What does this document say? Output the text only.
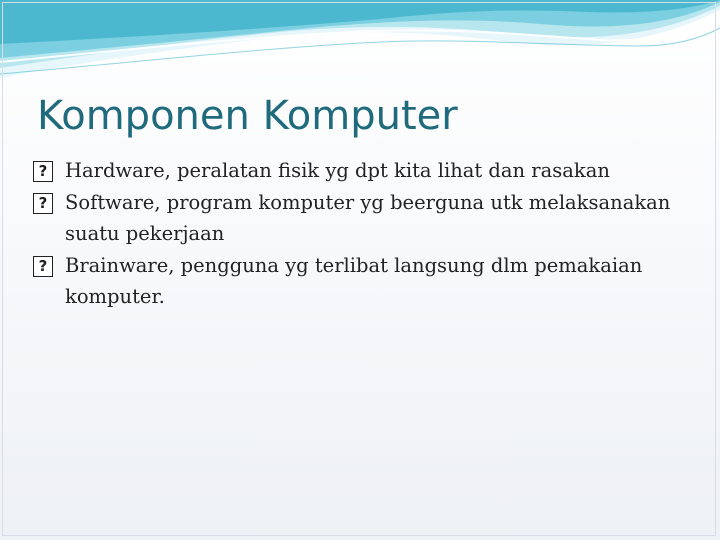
Komponen Komputer
? Hardware, peralatan fisik yg dpt kita lihat dan rasakan
? Software, program komputer yg beerguna utk melaksanakan suatu pekerjaan
? Brainware, pengguna yg terlibat langsung dlm pemakaian komputer.
